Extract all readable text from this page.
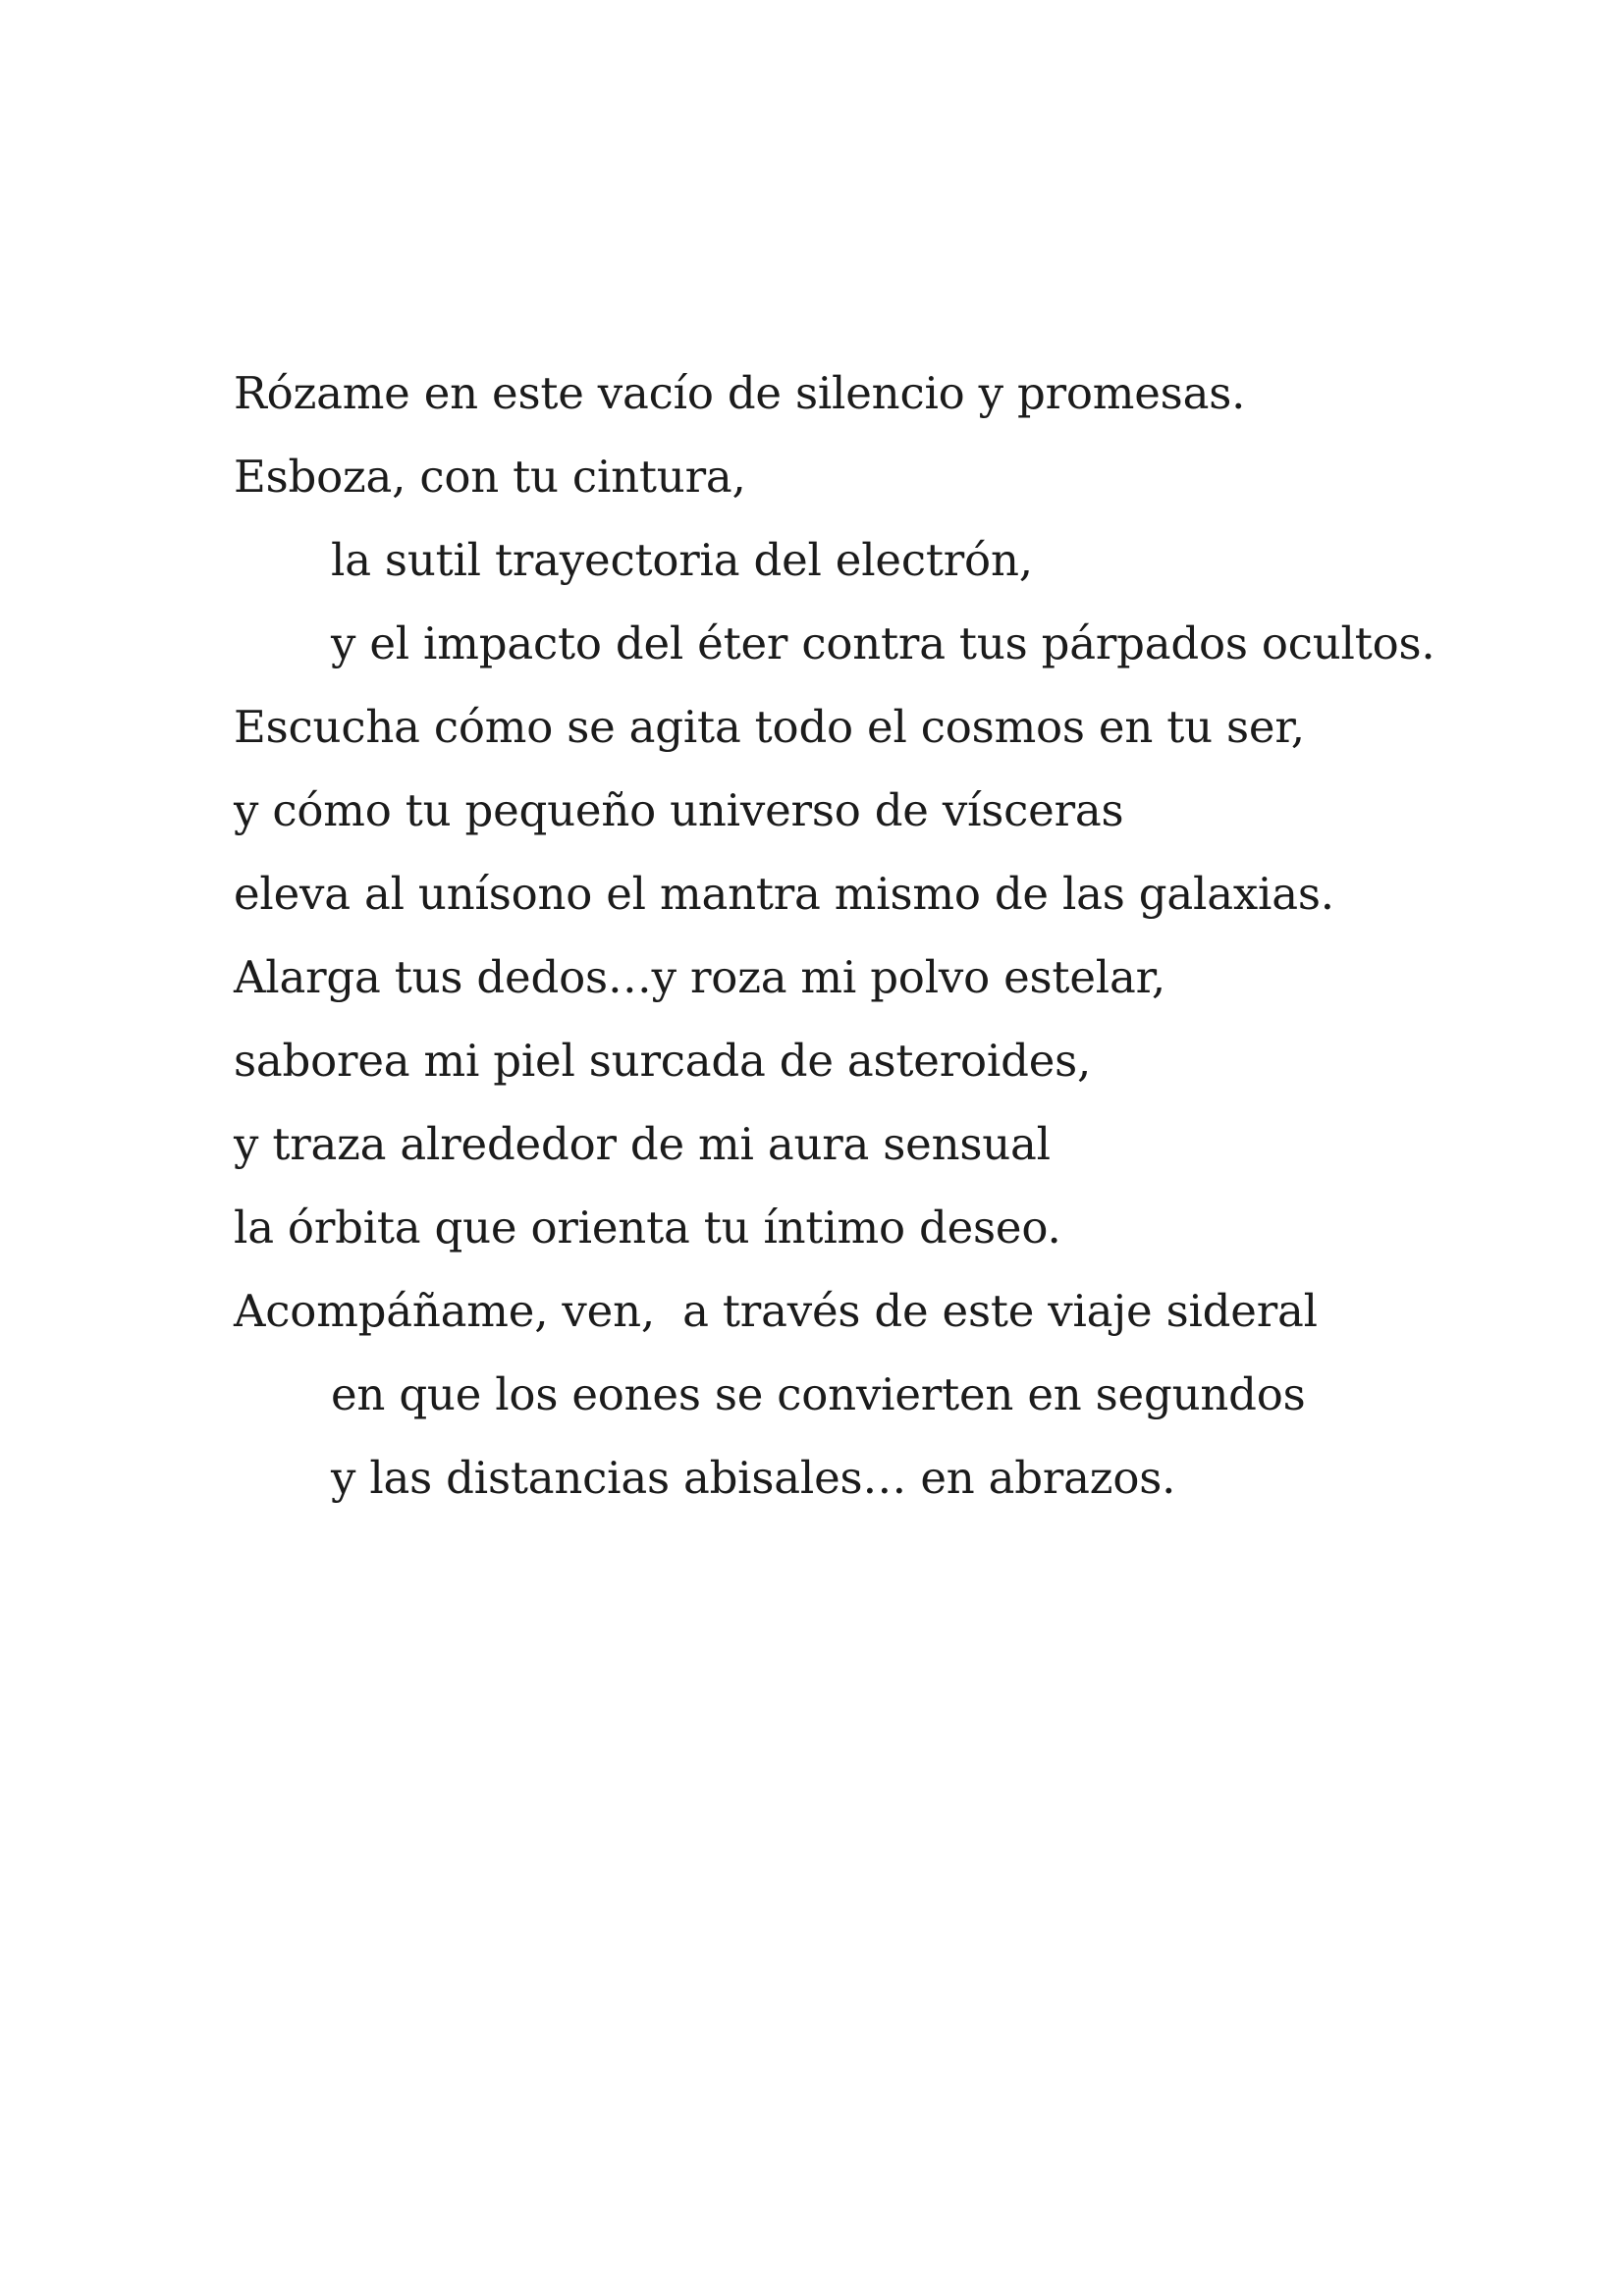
Rózame en este vacío de silencio y promesas.
Esboza, con tu cintura,
la sutil trayectoria del electrón,
y el impacto del éter contra tus párpados ocultos.
Escucha cómo se agita todo el cosmos en tu ser,
y cómo tu pequeño universo de vísceras
eleva al unísono el mantra mismo de las galaxias.
Alarga tus dedos…y roza mi polvo estelar,
saborea mi piel surcada de asteroides,
y traza alrededor de mi aura sensual
la órbita que orienta tu íntimo deseo.
Acompáñame, ven,  a través de este viaje sideral
en que los eones se convierten en segundos
y las distancias abisales… en abrazos.
